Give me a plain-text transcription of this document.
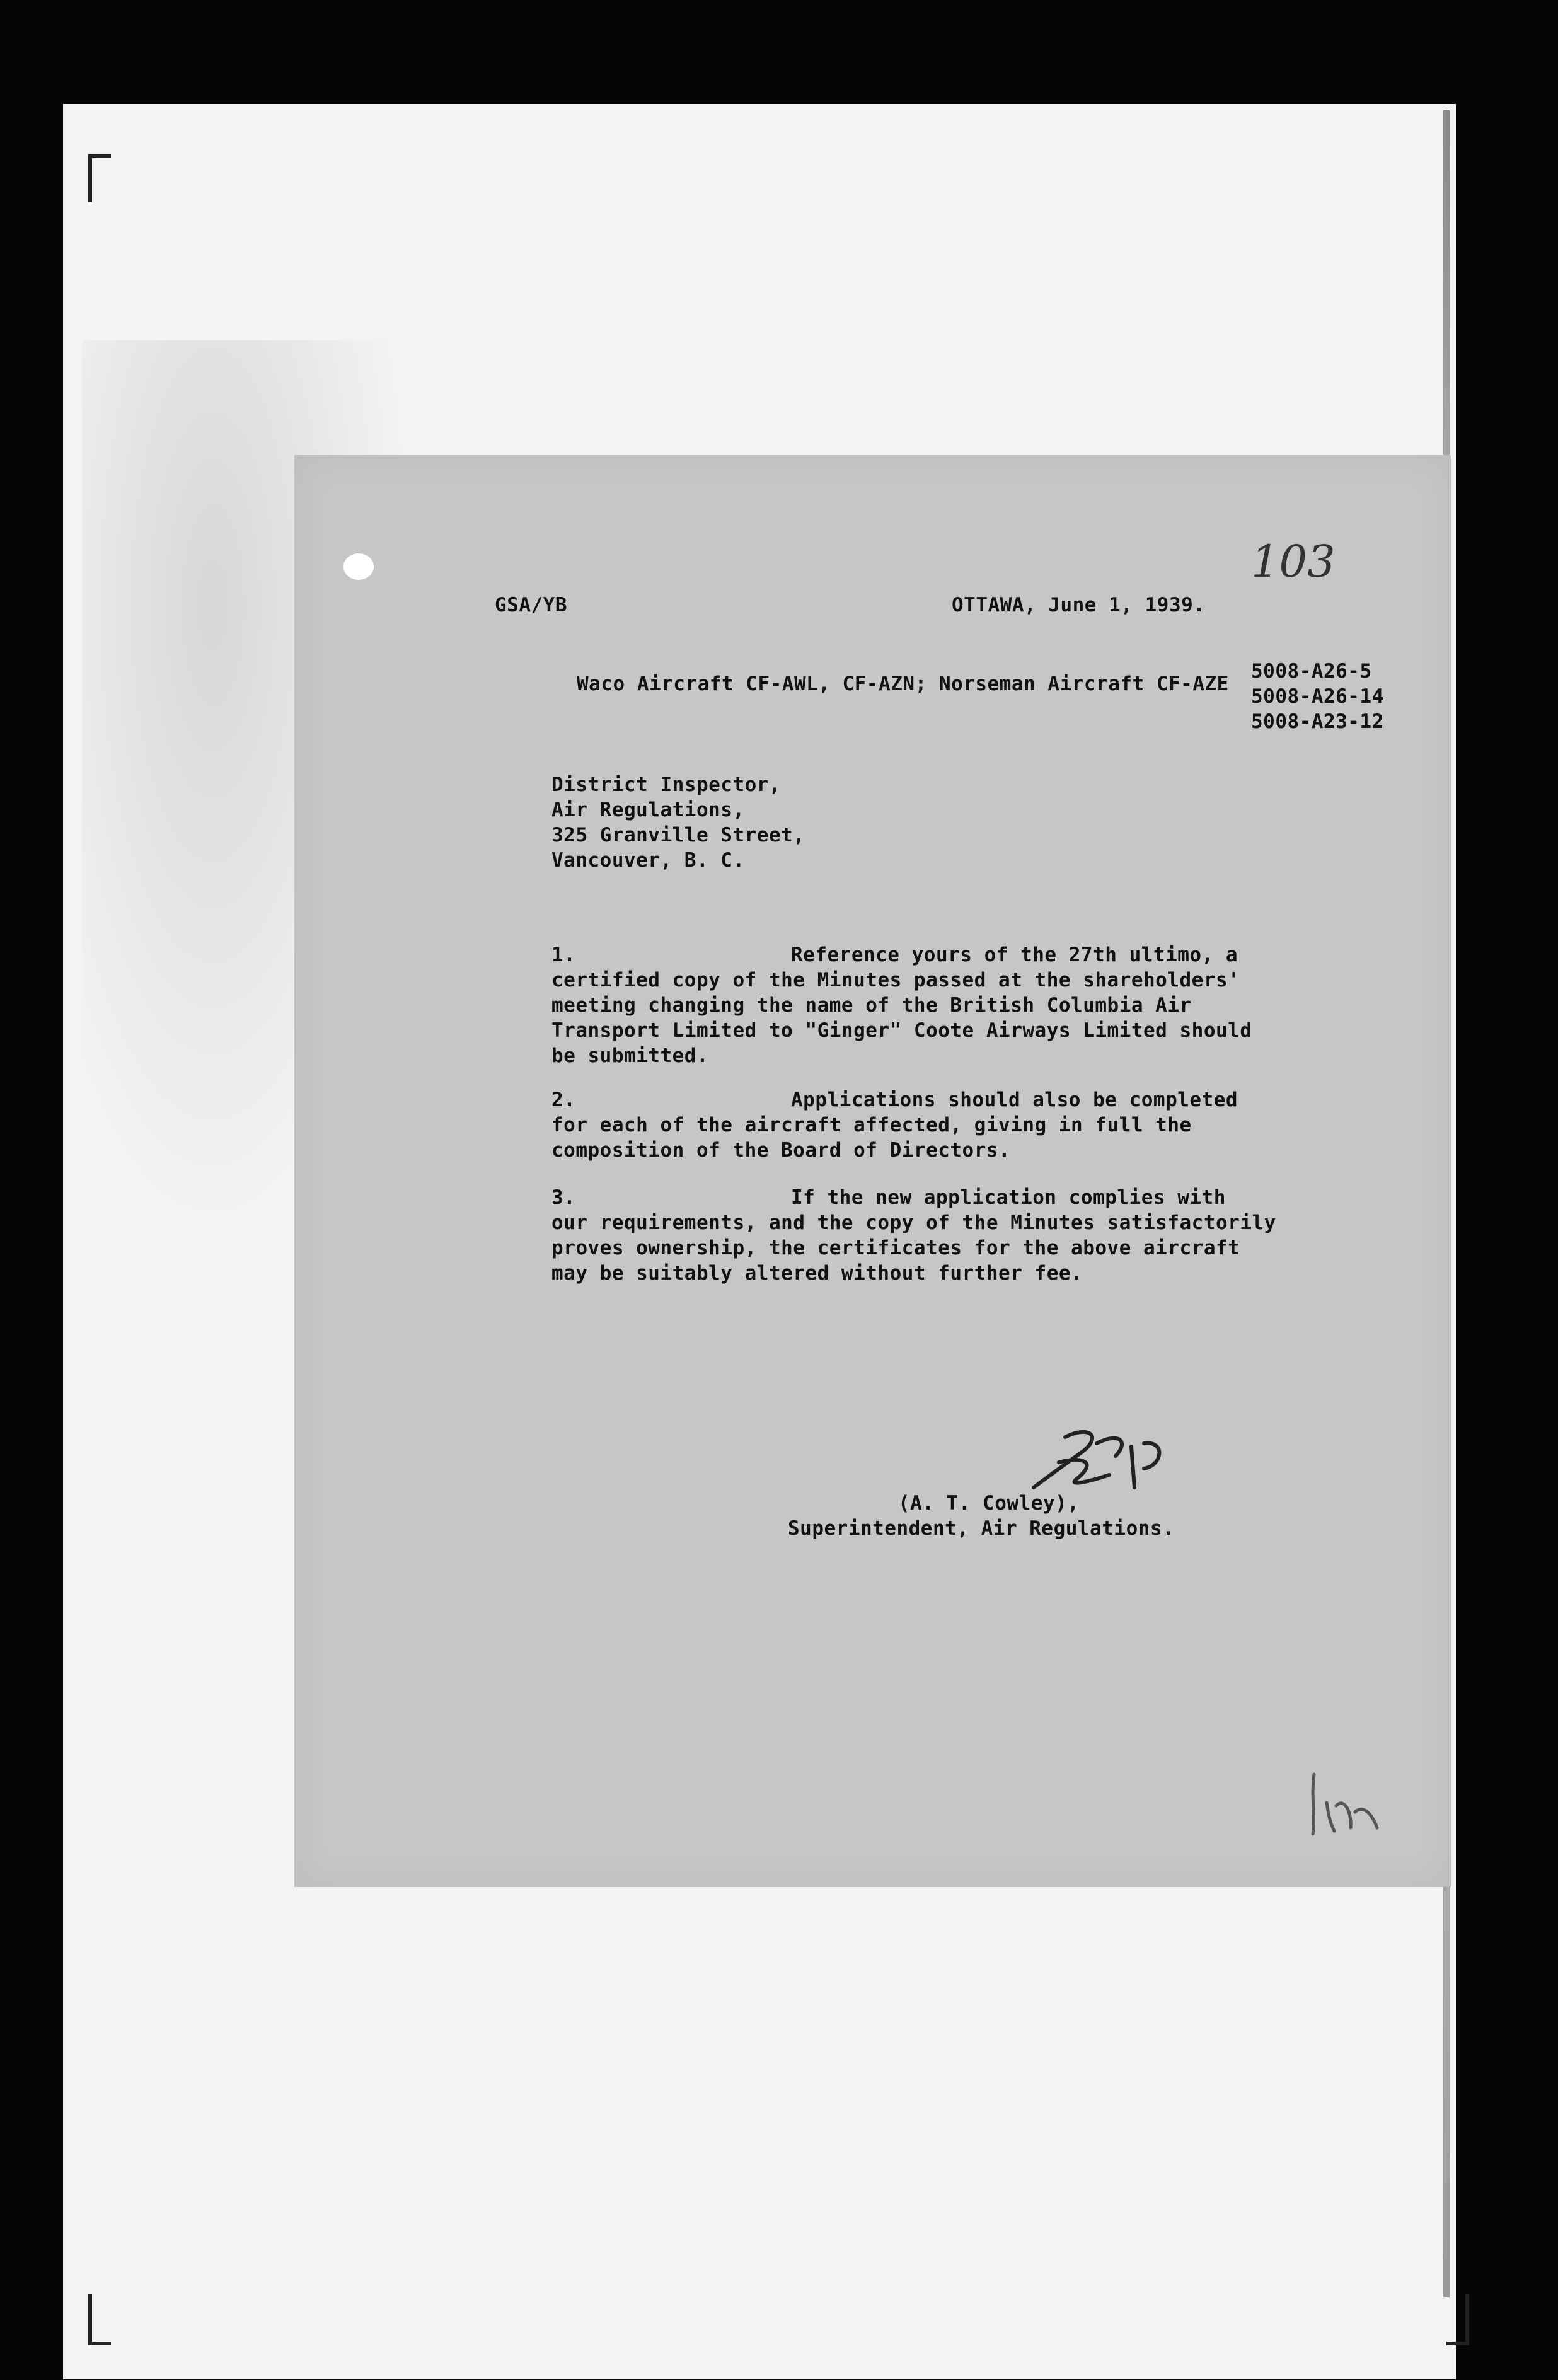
GSA/YB	OTTAWA, June 1, 1939.
103
Waco Aircraft CF-AWL, CF-AZN; Norseman Aircraft CF-AZE
5008-A26-5
5008-A26-14
5008-A23-12
District Inspector,
Air Regulations,
325 Granville Street,
Vancouver, B. C.
1.	Reference yours of the 27th ultimo, a
certified copy of the Minutes passed at the shareholders'
meeting changing the name of the British Columbia Air
Transport Limited to "Ginger" Coote Airways Limited should
be submitted.
2.	Applications should also be completed
for each of the aircraft affected, giving in full the
composition of the Board of Directors.
3.	If the new application complies with
our requirements, and the copy of the Minutes satisfactorily
proves ownership, the certificates for the above aircraft
may be suitably altered without further fee.
(A. T. Cowley),
Superintendent, Air Regulations.
